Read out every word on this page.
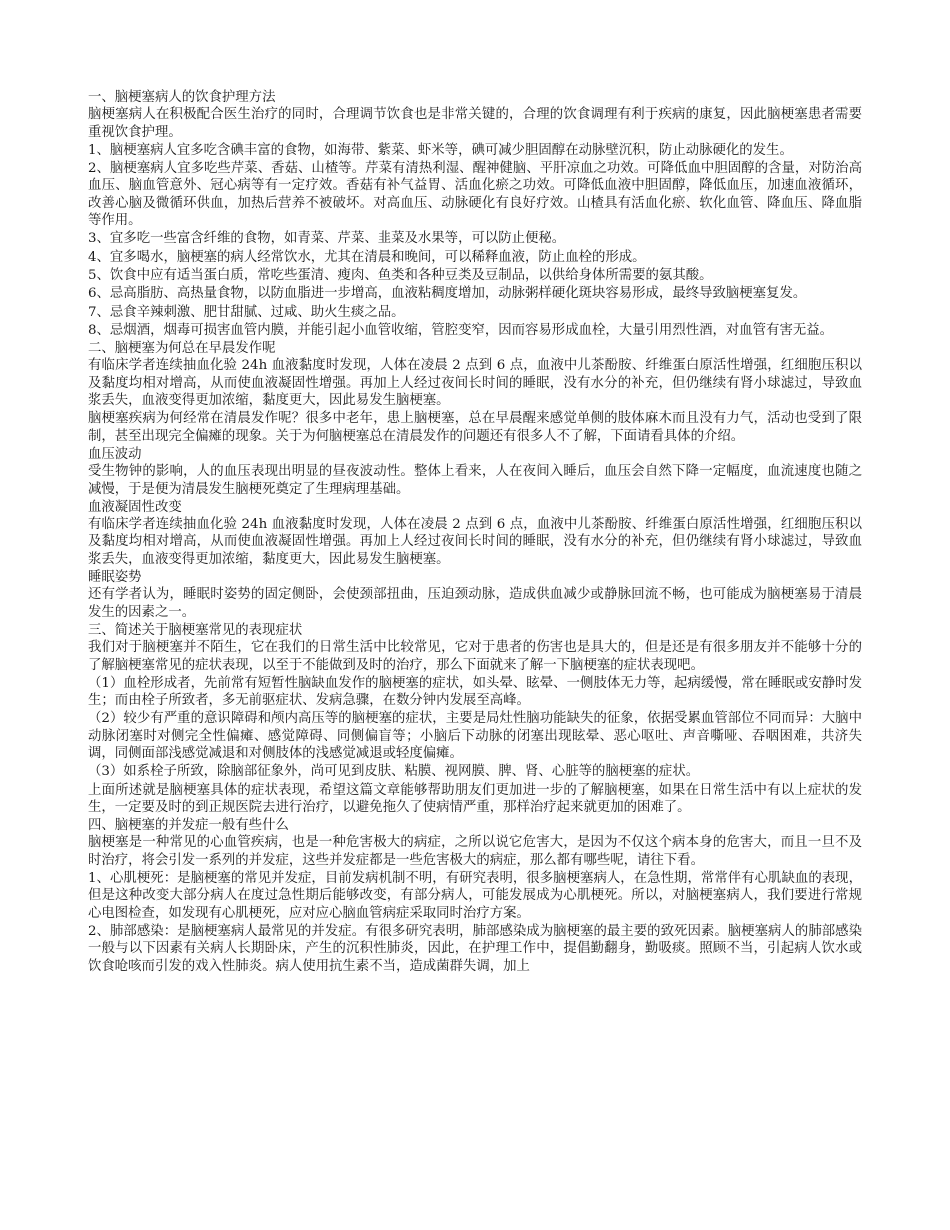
一、脑梗塞病人的饮食护理方法

脑梗塞病人在积极配合医生治疗的同时，合理调节饮食也是非常关键的，合理的饮食调理有利于疾病的康复，因此脑梗塞患者需要重视饮食护理。

1、脑梗塞病人宜多吃含碘丰富的食物，如海带、紫菜、虾米等，碘可减少胆固醇在动脉壁沉积，防止动脉硬化的发生。

2、脑梗塞病人宜多吃些芹菜、香菇、山楂等。芹菜有清热利湿、醒神健脑、平肝凉血之功效。可降低血中胆固醇的含量，对防治高血压、脑血管意外、冠心病等有一定疗效。香菇有补气益胃、活血化瘀之功效。可降低血液中胆固醇，降低血压，加速血液循环，改善心脑及微循环供血，加热后营养不被破坏。对高血压、动脉硬化有良好疗效。山楂具有活血化瘀、软化血管、降血压、降血脂等作用。

3、宜多吃一些富含纤维的食物，如青菜、芹菜、韭菜及水果等，可以防止便秘。

4、宜多喝水，脑梗塞的病人经常饮水，尤其在清晨和晚间，可以稀释血液，防止血栓的形成。

5、饮食中应有适当蛋白质，常吃些蛋清、瘦肉、鱼类和各种豆类及豆制品，以供给身体所需要的氨其酸。

6、忌高脂肪、高热量食物，以防血脂进一步增高，血液粘稠度增加，动脉粥样硬化斑块容易形成，最终导致脑梗塞复发。

7、忌食辛辣刺激、肥甘甜腻、过咸、助火生痰之品。

8、忌烟酒，烟毒可损害血管内膜，并能引起小血管收缩，管腔变窄，因而容易形成血栓，大量引用烈性酒，对血管有害无益。

二、脑梗塞为何总在早晨发作呢

有临床学者连续抽血化验 24h 血液黏度时发现，人体在凌晨 2 点到 6 点，血液中儿茶酚胺、纤维蛋白原活性增强，红细胞压积以及黏度均相对增高，从而使血液凝固性增强。再加上人经过夜间长时间的睡眠，没有水分的补充，但仍继续有肾小球滤过，导致血浆丢失，血液变得更加浓缩，黏度更大，因此易发生脑梗塞。

脑梗塞疾病为何经常在清晨发作呢？很多中老年，患上脑梗塞，总在早晨醒来感觉单侧的肢体麻木而且没有力气，活动也受到了限制，甚至出现完全偏瘫的现象。关于为何脑梗塞总在清晨发作的问题还有很多人不了解，下面请看具体的介绍。

血压波动

受生物钟的影响，人的血压表现出明显的昼夜波动性。整体上看来，人在夜间入睡后，血压会自然下降一定幅度，血流速度也随之减慢，于是便为清晨发生脑梗死奠定了生理病理基础。

血液凝固性改变

有临床学者连续抽血化验 24h 血液黏度时发现，人体在凌晨 2 点到 6 点，血液中儿茶酚胺、纤维蛋白原活性增强，红细胞压积以及黏度均相对增高，从而使血液凝固性增强。再加上人经过夜间长时间的睡眠，没有水分的补充，但仍继续有肾小球滤过，导致血浆丢失，血液变得更加浓缩，黏度更大，因此易发生脑梗塞。

睡眠姿势

还有学者认为，睡眠时姿势的固定侧卧，会使颈部扭曲，压迫颈动脉，造成供血减少或静脉回流不畅，也可能成为脑梗塞易于清晨发生的因素之一。

三、简述关于脑梗塞常见的表现症状

我们对于脑梗塞并不陌生，它在我们的日常生活中比较常见，它对于患者的伤害也是具大的，但是还是有很多朋友并不能够十分的了解脑梗塞常见的症状表现，以至于不能做到及时的治疗，那么下面就来了解一下脑梗塞的症状表现吧。

（1）血栓形成者，先前常有短暂性脑缺血发作的脑梗塞的症状，如头晕、眩晕、一侧肢体无力等，起病缓慢，常在睡眠或安静时发生；而由栓子所致者，多无前驱症状、发病急骤，在数分钟内发展至高峰。

（2）较少有严重的意识障碍和颅内高压等的脑梗塞的症状，主要是局灶性脑功能缺失的征象，依据受累血管部位不同而异：大脑中动脉闭塞时对侧完全性偏瘫、感觉障碍、同侧偏盲等；小脑后下动脉的闭塞出现眩晕、恶心呕吐、声音嘶哑、吞咽困难，共济失调，同侧面部浅感觉减退和对侧肢体的浅感觉减退或轻度偏瘫。

（3）如系栓子所致，除脑部征象外，尚可见到皮肤、粘膜、视网膜、脾、肾、心脏等的脑梗塞的症状。

上面所述就是脑梗塞具体的症状表现，希望这篇文章能够帮助朋友们更加进一步的了解脑梗塞，如果在日常生活中有以上症状的发生，一定要及时的到正规医院去进行治疗，以避免拖久了使病情严重，那样治疗起来就更加的困难了。

四、脑梗塞的并发症一般有些什么

脑梗塞是一种常见的心血管疾病，也是一种危害极大的病症，之所以说它危害大，是因为不仅这个病本身的危害大，而且一旦不及时治疗，将会引发一系列的并发症，这些并发症都是一些危害极大的病症，那么都有哪些呢，请往下看。

1、心肌梗死：是脑梗塞的常见并发症，目前发病机制不明，有研究表明，很多脑梗塞病人，在急性期，常常伴有心肌缺血的表现，但是这种改变大部分病人在度过急性期后能够改变，有部分病人，可能发展成为心肌梗死。所以，对脑梗塞病人，我们要进行常规心电图检查，如发现有心肌梗死，应对应心脑血管病症采取同时治疗方案。

2、肺部感染：是脑梗塞病人最常见的并发症。有很多研究表明，肺部感染成为脑梗塞的最主要的致死因素。脑梗塞病人的肺部感染一般与以下因素有关病人长期卧床，产生的沉积性肺炎，因此，在护理工作中，提倡勤翻身，勤吸痰。照顾不当，引起病人饮水或饮食呛咳而引发的戏入性肺炎。病人使用抗生素不当，造成菌群失调，加上
